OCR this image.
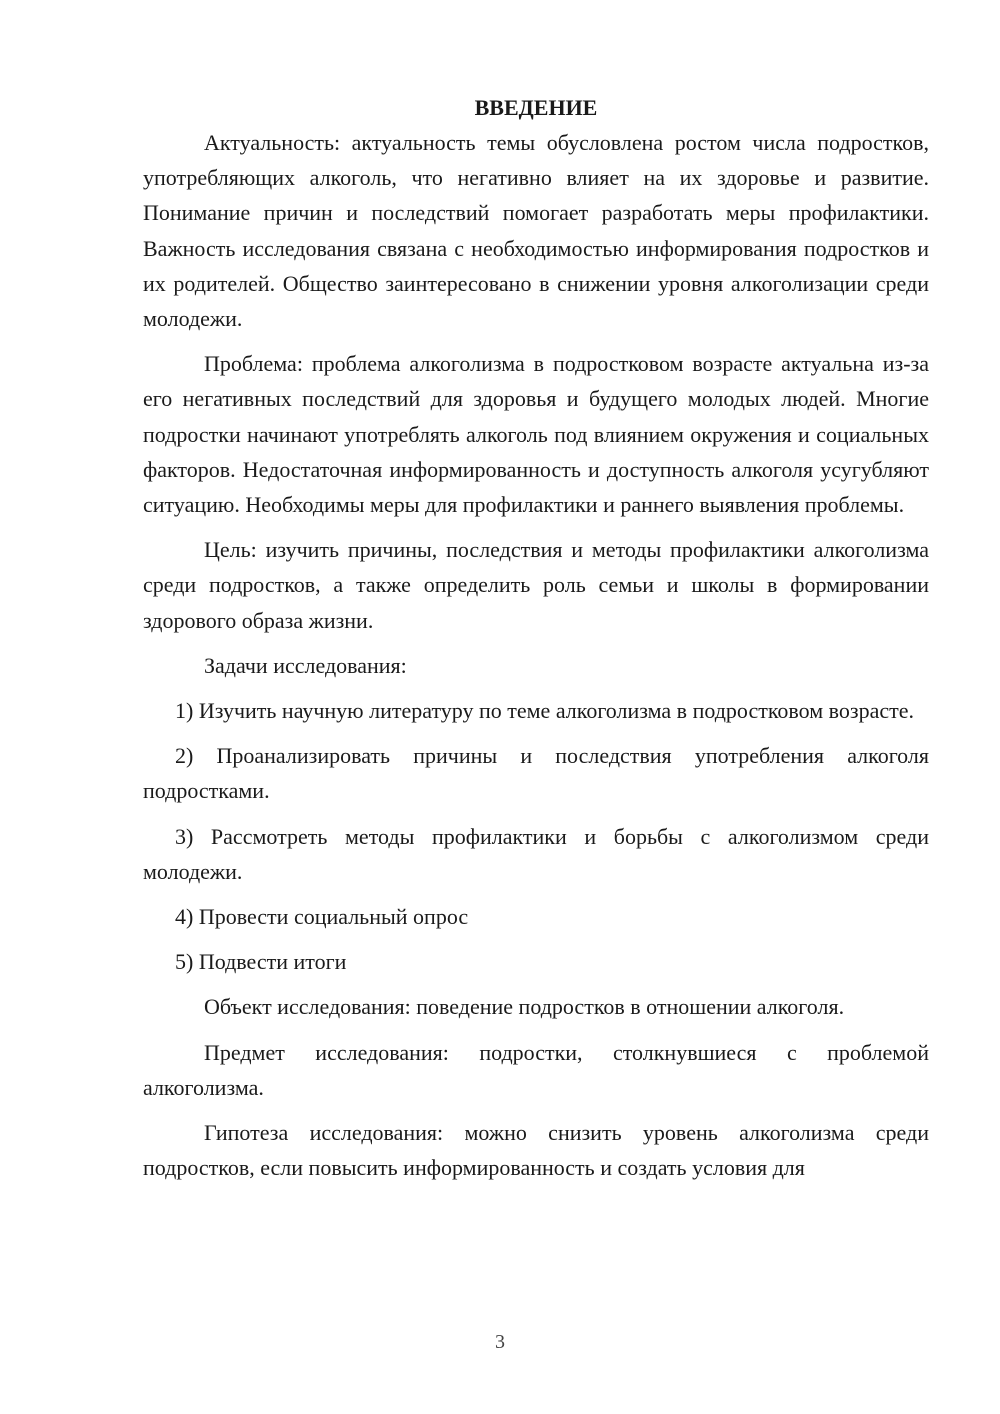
ВВЕДЕНИЕ

Актуальность: актуальность темы обусловлена ростом числа подростков, употребляющих алкоголь, что негативно влияет на их здоровье и развитие. Понимание причин и последствий помогает разработать меры профилактики. Важность исследования связана с необходимостью информирования подростков и их родителей. Общество заинтересовано в снижении уровня алкоголизации среди молодежи.

Проблема: проблема алкоголизма в подростковом возрасте актуальна из-за его негативных последствий для здоровья и будущего молодых людей. Многие подростки начинают употреблять алкоголь под влиянием окружения и социальных факторов. Недостаточная информированность и доступность алкоголя усугубляют ситуацию. Необходимы меры для профилактики и раннего выявления проблемы.

Цель: изучить причины, последствия и методы профилактики алкоголизма среди подростков, а также определить роль семьи и школы в формировании здорового образа жизни.

Задачи исследования:

1) Изучить научную литературу по теме алкоголизма в подростковом возрасте.

2) Проанализировать причины и последствия употребления алкоголя подростками.

3) Рассмотреть методы профилактики и борьбы с алкоголизмом среди молодежи.

4) Провести социальный опрос

5) Подвести итоги

Объект исследования: поведение подростков в отношении алкоголя.

Предмет исследования: подростки, столкнувшиеся с проблемой алкоголизма.

Гипотеза исследования: можно снизить уровень алкоголизма среди подростков, если повысить информированность и создать условия для

3
